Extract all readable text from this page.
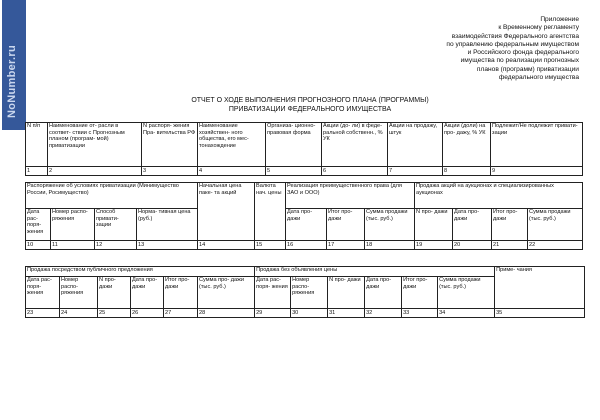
NoNumber.ru
Приложение
к Временному регламенту
взаимодействия Федерального агентства
по управлению федеральным имуществом
и Российского фонда федерального
имущества по реализации прогнозных
планов (программ) приватизации
федерального имущества
ОТЧЕТ О ХОДЕ ВЫПОЛНЕНИЯ ПРОГНОЗНОГО ПЛАНА (ПРОГРАММЫ)
ПРИВАТИЗАЦИИ ФЕДЕРАЛЬНОГО ИМУЩЕСТВА
N п/п	Наименование от- расли в соответ- ствии с Прогнозным планом (програм- мой) приватизации	N распоря- жения Пра- вительства РФ	Наименование хозяйствен- ного общества, его мес- тонахождение	Организа- ционно- правовая форма	Акции (до- ли) в феде- ральной собственн., % УК	Акции на продажу, штук	Акции (доли) на про- дажу, % УК	Подлежит/Не подлежит привати- зации
1	2	3	4	5	6	7	8	9
Распоряжение об условиях приватизации (Минимущество России, Росимущество)				Начальная цена паке- та акций	Валюта нач. цены	Реализация преимущественного права (для ЗАО и ООО)			Продажа акций на аукционах и специализированных аукционах			
Дата рас- поря- жения	Номер распо- ряжения	Способ привати- зации	Норма- тивная цена (руб.)			Дата про- дажи	Итог про- дажи	Сумма продажи (тыс. руб.)	N про- дажи	Дата про- дажи	Итог про- дажи	Сумма продажи (тыс. руб.)
10	11	12	13	14	15	16	17	18	19	20	21	22
Продажа посредством публичного предложения						Продажа без объявления цены						Приме- чания
Дата рас- поря- жения	Номер распо- ряжения	N про- дажи	Дата про- дажи	Итог про- дажи	Сумма про- дажи (тыс. руб.)	Дата рас- поря- жения	Номер распо- ряжения	N про- дажи	Дата про- дажи	Итог про- дажи	Сумма продажи (тыс. руб.)	
23	24	25	26	27	28	29	30	31	32	33	34	35
